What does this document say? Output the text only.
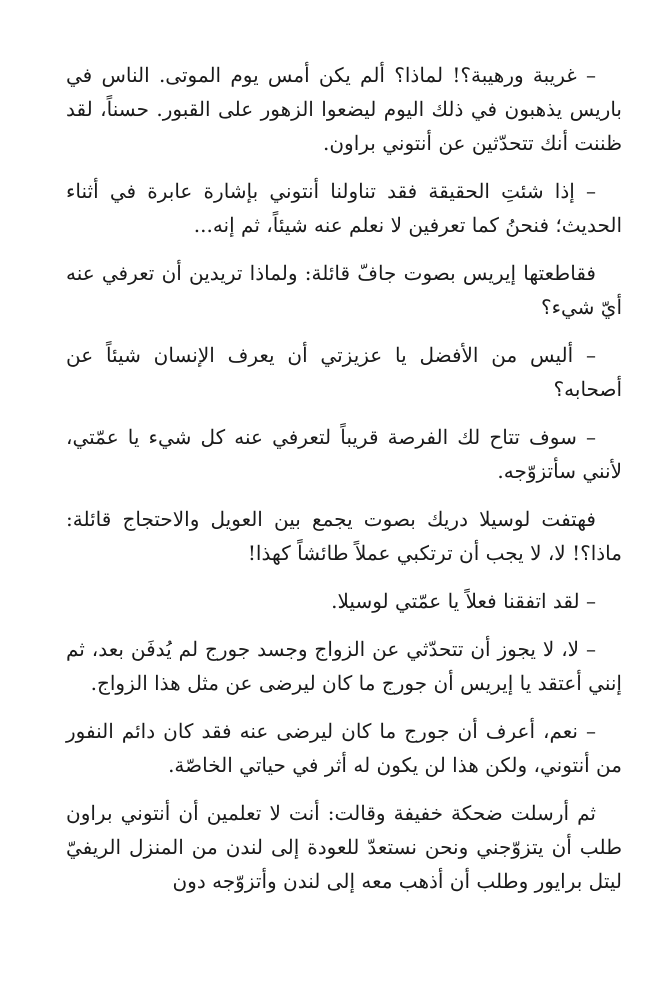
– غريبة ورهيبة؟! لماذا؟ ألم يكن أمس يوم الموتى. الناس في باريس يذهبون في ذلك اليوم ليضعوا الزهور على القبور. حسناً، لقد ظننت أنك تتحدّثين عن أنتوني براون.

– إذا شئتِ الحقيقة فقد تناولنا أنتوني بإشارة عابرة في أثناء الحديث؛ فنحنُ كما تعرفين لا نعلم عنه شيئاً، ثم إنه...

فقاطعتها إيريس بصوت جافّ قائلة: ولماذا تريدين أن تعرفي عنه أيّ شيء؟

– أليس من الأفضل يا عزيزتي أن يعرف الإنسان شيئاً عن أصحابه؟

– سوف تتاح لك الفرصة قريباً لتعرفي عنه كل شيء يا عمّتي، لأنني سأتزوّجه.

فهتفت لوسيلا دريك بصوت يجمع بين العويل والاحتجاج قائلة: ماذا؟! لا، لا يجب أن ترتكبي عملاً طائشاً كهذا!

– لقد اتفقنا فعلاً يا عمّتي لوسيلا.

– لا، لا يجوز أن تتحدّثي عن الزواج وجسد جورج لم يُدفَن بعد، ثم إنني أعتقد يا إيريس أن جورج ما كان ليرضى عن مثل هذا الزواج.

– نعم، أعرف أن جورج ما كان ليرضى عنه فقد كان دائم النفور من أنتوني، ولكن هذا لن يكون له أثر في حياتي الخاصّة.

ثم أرسلت ضحكة خفيفة وقالت: أنت لا تعلمين أن أنتوني براون طلب أن يتزوّجني ونحن نستعدّ للعودة إلى لندن من المنزل الريفيّ ليتل برايور وطلب أن أذهب معه إلى لندن وأتزوّجه دون
